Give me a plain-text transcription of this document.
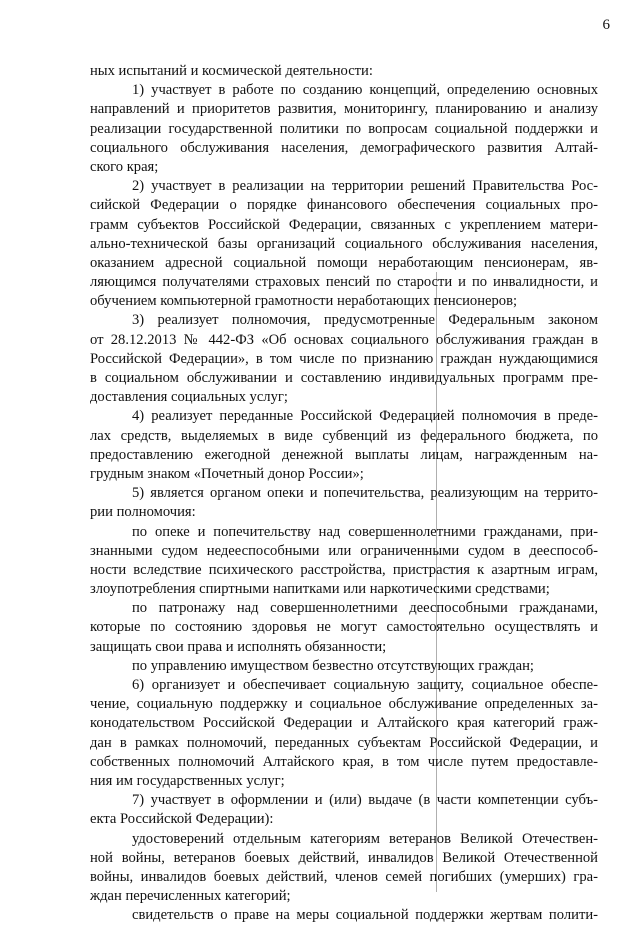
6

ных испытаний и космической деятельности:

1) участвует в работе по созданию концепций, определению основных

направлений и приоритетов развития, мониторингу, планированию и анализу

реализации государственной политики по вопросам социальной поддержки и

социального обслуживания населения, демографического развития Алтай-

ского края;

2) участвует в реализации на территории решений Правительства Рос-

сийской Федерации о порядке финансового обеспечения социальных про-

грамм субъектов Российской Федерации, связанных с укреплением матери-

ально-технической базы организаций социального обслуживания населения,

оказанием адресной социальной помощи неработающим пенсионерам, яв-

ляющимся получателями страховых пенсий по старости и по инвалидности, и

обучением компьютерной грамотности неработающих пенсионеров;

3) реализует полномочия, предусмотренные Федеральным законом

от 28.12.2013 № 442-ФЗ «Об основах социального обслуживания граждан в

Российской Федерации», в том числе по признанию граждан нуждающимися

в социальном обслуживании и составлению индивидуальных программ пре-

доставления социальных услуг;

4) реализует переданные Российской Федерацией полномочия в преде-

лах средств, выделяемых в виде субвенций из федерального бюджета, по

предоставлению ежегодной денежной выплаты лицам, награжденным на-

грудным знаком «Почетный донор России»;

5) является органом опеки и попечительства, реализующим на террито-

рии полномочия:

по опеке и попечительству над совершеннолетними гражданами, при-

знанными судом недееспособными или ограниченными судом в дееспособ-

ности вследствие психического расстройства, пристрастия к азартным играм,

злоупотребления спиртными напитками или наркотическими средствами;

по патронажу над совершеннолетними дееспособными гражданами,

которые по состоянию здоровья не могут самостоятельно осуществлять и

защищать свои права и исполнять обязанности;

по управлению имуществом безвестно отсутствующих граждан;

6) организует и обеспечивает социальную защиту, социальное обеспе-

чение, социальную поддержку и социальное обслуживание определенных за-

конодательством Российской Федерации и Алтайского края категорий граж-

дан в рамках полномочий, переданных субъектам Российской Федерации, и

собственных полномочий Алтайского края, в том числе путем предоставле-

ния им государственных услуг;

7) участвует в оформлении и (или) выдаче (в части компетенции субъ-

екта Российской Федерации):

удостоверений отдельным категориям ветеранов Великой Отечествен-

ной войны, ветеранов боевых действий, инвалидов Великой Отечественной

войны, инвалидов боевых действий, членов семей погибших (умерших) гра-

ждан перечисленных категорий;

свидетельств о праве на меры социальной поддержки жертвам полити-
